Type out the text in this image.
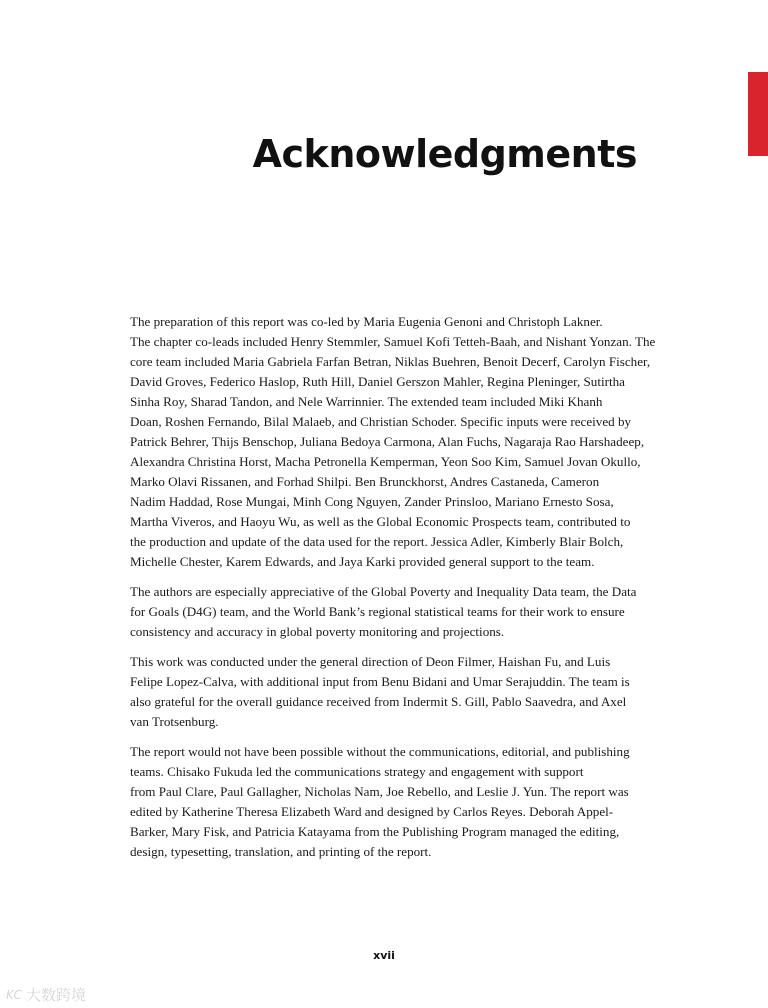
Acknowledgments

The preparation of this report was co-led by Maria Eugenia Genoni and Christoph Lakner.
The chapter co-leads included Henry Stemmler, Samuel Kofi Tetteh-Baah, and Nishant Yonzan. The
core team included Maria Gabriela Farfan Betran, Niklas Buehren, Benoit Decerf, Carolyn Fischer,
David Groves, Federico Haslop, Ruth Hill, Daniel Gerszon Mahler, Regina Pleninger, Sutirtha
Sinha Roy, Sharad Tandon, and Nele Warrinnier. The extended team included Miki Khanh
Doan, Roshen Fernando, Bilal Malaeb, and Christian Schoder. Specific inputs were received by
Patrick Behrer, Thijs Benschop, Juliana Bedoya Carmona, Alan Fuchs, Nagaraja Rao Harshadeep,
Alexandra Christina Horst, Macha Petronella Kemperman, Yeon Soo Kim, Samuel Jovan Okullo,
Marko Olavi Rissanen, and Forhad Shilpi. Ben Brunckhorst, Andres Castaneda, Cameron
Nadim Haddad, Rose Mungai, Minh Cong Nguyen, Zander Prinsloo, Mariano Ernesto Sosa,
Martha Viveros, and Haoyu Wu, as well as the Global Economic Prospects team, contributed to
the production and update of the data used for the report. Jessica Adler, Kimberly Blair Bolch,
Michelle Chester, Karem Edwards, and Jaya Karki provided general support to the team.

The authors are especially appreciative of the Global Poverty and Inequality Data team, the Data
for Goals (D4G) team, and the World Bank’s regional statistical teams for their work to ensure
consistency and accuracy in global poverty monitoring and projections.

This work was conducted under the general direction of Deon Filmer, Haishan Fu, and Luis
Felipe Lopez-Calva, with additional input from Benu Bidani and Umar Serajuddin. The team is
also grateful for the overall guidance received from Indermit S. Gill, Pablo Saavedra, and Axel
van Trotsenburg.

The report would not have been possible without the communications, editorial, and publishing
teams. Chisako Fukuda led the communications strategy and engagement with support
from Paul Clare, Paul Gallagher, Nicholas Nam, Joe Rebello, and Leslie J. Yun. The report was
edited by Katherine Theresa Elizabeth Ward and designed by Carlos Reyes. Deborah Appel-
Barker, Mary Fisk, and Patricia Katayama from the Publishing Program managed the editing,
design, typesetting, translation, and printing of the report.

xvii
KC 大数跨境
